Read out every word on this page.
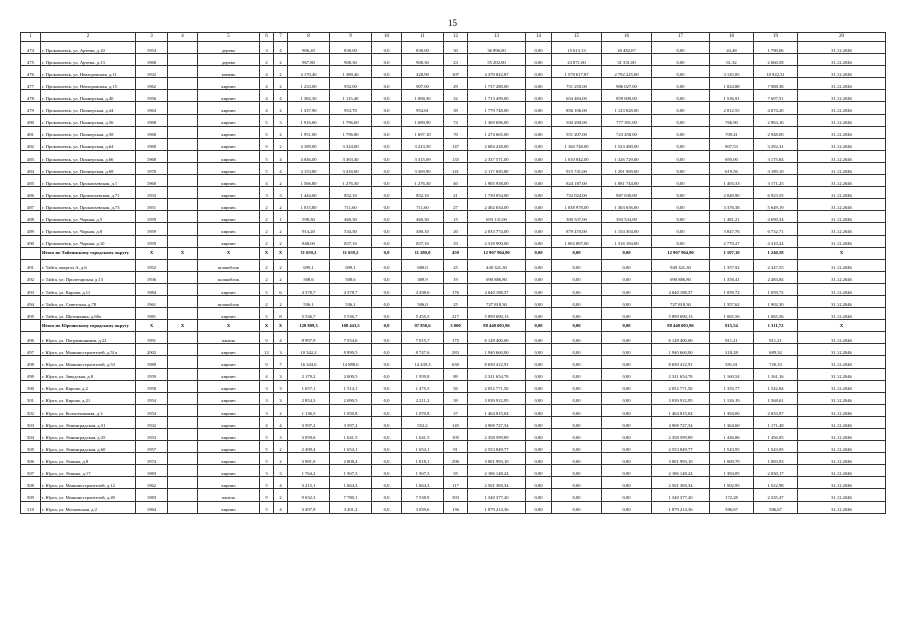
15
1	2	3	4	5	6	7	8	9	10	11	12	13	14	15	16	17	18	19	20
474	г. Прокопьевск, ул. Артема, д.10	1954		дерево	3	4	906,20	830,00	0,0	830,00	30	36 896,00	0,00	15 613,13	20 482,07	0,00	43,48	1 790,06	31.12.2046
475	г. Прокопьевск, ул. Артема, д.13	1968		дерево	2	2	967,80	900,30	0,0	900,30	23	55 202,00	0,00	23 871,00	31 331,00	0,00	61,32	2 660,58	31.12.2046
476	г. Прокопьевск, ул. Невзоровская, д.11	1932		камень	4	2	4 170,40	1 389,40	0,0	428,90	107	4 370 842,87	0,00	1 578 617,87	2 792 225,00	0,00	3 145,85	10 922,31	31.12.2046
477	г. Прокопьевск, ул. Невзоровская, д.15	1962		кирпич	4	2	1 233,00	952,00	0,0	907,00	29	1 737 280,00	0,00	751 250,00	986 027,00	0,00	1 824,88	7 988,38	31.12.2046
478	г. Прокопьевск, ул. Пионерская, д.40	1956		кирпич	4	4	1 382,30	1 115,40	0,0	1 068,30	32	1 713 499,00	0,00	654 484,00	859 009,00	0,00	1 536,91	7 697,51	31.12.2046
479	г. Прокопьевск, ул. Пионерская, д.44	1963		кирпич	4	2	1 337,90	953,70	0,0	954,61	39	1 779 748,00	0,00	856 106,00	1 123 628,00	0,00	2 012,55	4 074,20	31.12.2046
480	г. Прокопьевск, ул. Пионерская, д.56	1968		кирпич	5	3	1 916,60	1 796,00	0,0	1 689,90	74	1 369 696,00	0,00	592 290,00	777 391,00	0,00	766,90	2 963,16	31.12.2046
481	г. Прокопьевск, ул. Пионерская, д.58	1968		кирпич	5	2	1 951,00	1 796,80	0,0	1 697,10	70	1 274 665,00	0,00	551 207,00	723 458,00	0,00	709,41	2 948,00	31.12.2046
482	г. Прокопьевск, ул. Пионерская, д.64	1969		кирпич	9	2	4 189,00	3 324,00	0,0	3 223,50	147	2 684 228,00	0,00	1 160 748,00	1 523 480,00	0,00	807,53	3 292,31	31.12.2046
483	г. Прокопьевск, ул. Пионерская, д.66	1968		кирпич	5	4	4 046,00	3 363,40	0,0	3 315,09	135	2 337 571,00	0,00	1 010 842,00	1 326 729,00	0,00	695,00	3 175,84	31.12.2046
484	г. Прокопьевск, ул. Пионерская, д.68	1970		кирпич	5	4	4 153,80	3 418,00	0,0	3 369,90	141	2 117 650,00	0,00	915 741,00	1 201 909,00	0,00	619,56	3 189,10	31.12.2046
485	г. Прокопьевск, ул. Прокопьевская, д.1	1960		кирпич	4	2	1 566,80	1 276,30	0,0	1 276,30	40	1 905 938,00	0,00	824 187,00	1 081 744,00	0,00	1 493,33	3 171,25	31.12.2046
486	г. Прокопьевск, ул. Прокопьевская, д.71	1933		кирпич	3	3	1 444,60	852,10	0,0	852,10	21	1 739 054,00	0,00	752 024,00	987 030,00	0,00	2 040,90	6 923,55	31.12.2046
487	г. Прокопьевск, ул. Прокопьевская, д.73	1951		кирпич	2	2	1 015,80	711,60	0,0	711,60	27	2 402 634,00	0,00	1 038 978,00	1 363 656,00	0,00	3 376,38	5 649,19	31.12.2046
488	г. Прокопьевск, ул. Чорная, д.5	1959		кирпич	2	1	598,30	460,30	0,0	460,30	15	693 131,00	0,00	300 537,00	394 534,00	0,00	1 481,21	4 690,34	31.12.2046
489	г. Прокопьевск, ул. Чорная, д.8	1959		кирпич	2	2	914,20	534,50	0,0	480,10	20	2 033 774,00	0,00	879 470,00	1 154 304,00	0,00	3 847,76	6 732,71	31.12.2046
490	г. Прокопьевск, ул. Чорная, д.10	1959		кирпич	2	2	848,00	837,10	0,0	837,10	33	2 318 900,00	0,00	1 002 807,00	1 316 184,00	0,00	2 770,27	4 310,24	31.12.2046
	Итого по Тайгинскому городскому округу	X	X	X	X	X	11 659,2	11 659,2	0,0	11 280,0	459	12 907 904,90	0,00	0,00	0,00	12 907 904,90	1 107,10	1 240,58	X
491	г. Тайга, квартал А, д.6	1952		шлакоблок	2	2	699,1	699,1	0,0	680,0	25	440 321,30	0,00	0,00	0,00	949 321,30	1 357,92	2 347,55	31.12.2046
492	г. Тайга, ул. Пролетарская, д.13	1936		шлакоблок	2	2	508,6	508,6	0,0	389,9	19	690 886,80	0,00	0,00	0,00	690 886,80	1 358,41	2 483,84	31.12.2046
493	г. Тайга, ул. Кирова, д.11	1984		кирпич	5	6	4 378,7	4 378,7	0,0	4 298,6	176	4 640 188,37	0,00	0,00	0,00	4 640 188,37	1 059,72	1 059,72	31.12.2046
494	г. Тайга, ул. Советская, д.78	1961		шлакоблок	2	2	536,1	536,1	0,0	506,0	25	727 818,30	0,00	0,00	0,00	727 818,30	1 357,62	1 902,30	31.12.2046
495	г. Тайга, ул. Щетинкина, д.68а	1981		кирпич	5	8	5 536,7	5 536,7	0,0	5 455,5	217	5 899 690,13	0,00	0,00	0,00	5 899 690,13	1 065,56	1 065,56	31.12.2046
	Итого по Юргинскому городскому округу	X	X	X	X	X	128 809,3	108 443,5	0,0	97 850,6	5 000	88 440 003,96	0,00	0,00	0,00	88 440 003,96	815,54	1 311,72	X
496	г. Юрга, ул. Пограничников, д.22	1991		панель	9	4	8 997,9	7 554,6	0,0	7 015,7	175	6 128 400,00	0,00	0,00	0,00	6 128 400,00	811,21	811,21	31.12.2046
497	г. Юрга, ул. Машиностроителей, д.51а	2002		кирпич	12	3	10 342,2	8 890,5	0,0	8 747,6	283	1 940 660,00	0,00	0,00	0,00	1 940 660,00	218,28	689,32	31.12.2046
498	г. Юрга, ул. Машиностроителей, д.53	1989		кирпич	9	7	16 344,6	14 888,6	0,0	14 439,3	630	8 650 412,91	0,00	0,00	0,00	8 650 412,91	581,01	720,33	31.12.2046
499	г. Юрга, ул. Заводская, д.8	1959		кирпич	4	3	2 179,2	2 000,5	0,0	1 959,8	89	2 321 654,78	0,00	0,00	0,00	2 321 654,78	1 160,54	1 161,16	31.12.2046
500	г. Юрга, ул. Кирова, д.2	1958		кирпич	3	3	1 657,1	1 514,1	0,0	1 475,5	56	2 052 771,50	0,00	0,00	0,00	2 052 771,50	1 355,77	1 542,84	31.12.2046
501	г. Юрга, ул. Кирова, д.21	1954		кирпич	3	3	2 854,3	2 090,5	0,0	2 211,2	39	3 039 912,95	0,00	0,00	0,00	3 039 912,95	1 126,19	1 568,61	31.12.2046
502	г. Юрга, ул. Колхозчиковая, д.3	1954		кирпич	3	2	1 136,5	1 050,8	0,0	1 070,8	37	1 464 815,04	0,00	0,00	0,00	1 464 815,04	1 394,00	2 033,97	31.12.2046
503	г. Юрга, ул. Ленинградская, д.31	1932		кирпич	4	4	3 597,2	3 597,2	0,0	552,2	145	4 908 727,34	0,00	0,00	0,00	4 908 727,34	1 364,60	1 171,48	31.12.2046
504	г. Юрга, ул. Ленинградская, д.35	1953		кирпич	5	3	3 059,6	1 641,5	0,0	1 641,5	105	2 358 599,89	0,00	0,00	0,00	2 358 599,89	1 436,86	1 456,05	31.12.2046
505	г. Юрга, ул. Ленинградская, д.60	1957		кирпич	5	2	2 499,4	1 654,1	0,0	1 654,1	91	2 553 849,77	0,00	0,00	0,00	2 553 849,77	1 543,95	1 543,95	31.12.2046
506	г. Юрга, ул. Ленина, д.8	1974		кирпич	5	2	3 981,0	2 808,4	0,0	1 818,1	296	3 001 993,10	0,00	0,00	0,00	3 001 993,10	1 069,70	1 083,93	31.12.2046
507	г. Юрга, ул. Ленина, д.17	1983		кирпич	3	3	1 764,2	1 567,3	0,0	1 567,3	55	2 186 148,24	0,00	0,00	0,00	2 186 148,24	1 394,85	2 030,17	31.12.2046
508	г. Юрга, ул. Машиностроителей, д.12	1962		кирпич	5	4	3 215,1	1 664,3	0,0	1 664,3	117	2 501 369,34	0,00	0,00	0,00	2 501 369,34	1 502,95	1 522,98	31.12.2046
509	г. Юрга, ул. Машиностроителей, д.49	1983		панель	9	2	9 632,3	7 780,1	0,0	7 538,9	393	1 340 377,20	0,00	0,00	0,00	1 340 377,20	172,28	2 335,47	31.12.2046
510	г. Юрга, ул. Московская, д.2	1964		кирпич	5	4	3 497,9	3 201,2	0,0	3 059,6	136	1 879 214,36	0,00	0,00	0,00	1 879 214,36	586,67	586,67	31.12.2046
